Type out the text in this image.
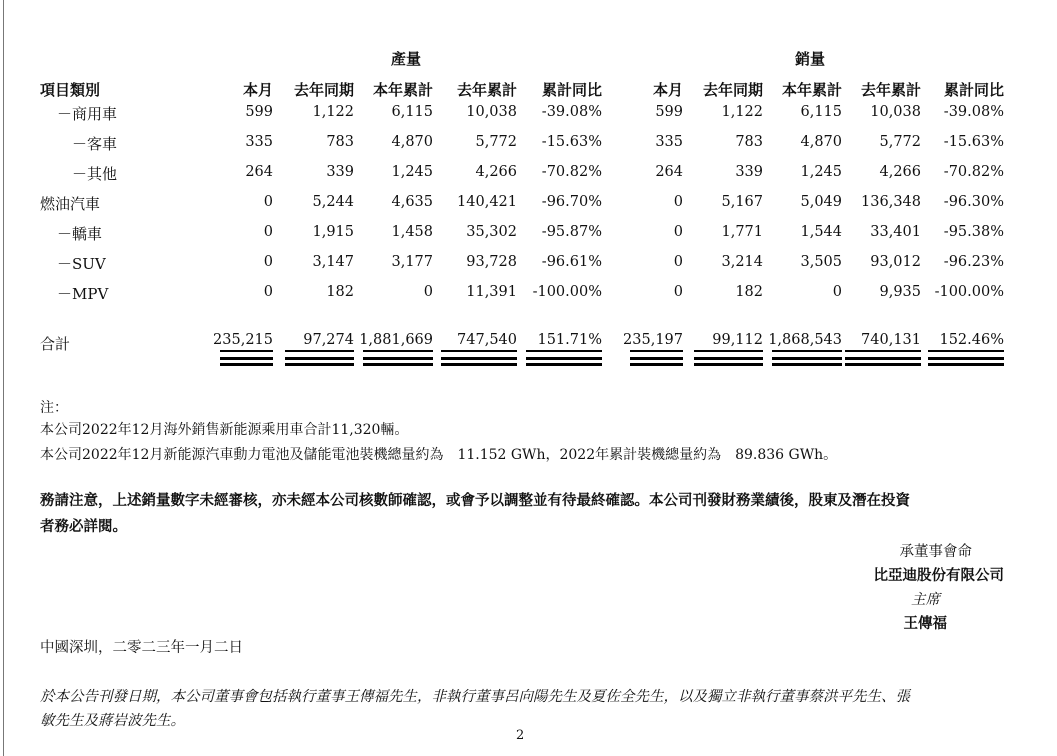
產量	銷量
項目類別	本月 去年同期 本年累計 去年累計 累計同比	本月 去年同期 本年累計 去年累計 累計同比
－商用車	599	1,122	6,115 10,038 -39.08%	599	1,122	6,115 10,038 -39.08%
－客車	335	783	4,870	5,772 -15.63%	335	783	4,870	5,772 -15.63%
－其他	264	339	1,245	4,266 -70.82%	264	339	1,245	4,266 -70.82%
燃油汽車	0	5,244	4,635 140,421 -96.70%	0	5,167	5,049 136,348 -96.30%
－轎車	0	1,915	1,458 35,302 -95.87%	0	1,771	1,544 33,401 -95.38%
－SUV	0	3,147	3,177 93,728 -96.61%	0	3,214	3,505 93,012 -96.23%
－MPV	0	182	0 11,391 -100.00%	0	182	0	9,935 -100.00%
合計	235,215 97,274 1,881,669 747,540 151.71% 235,197 99,112 1,868,543 740,131 152.46%
注：
本公司2022年12月海外銷售新能源乘用車合計11,320輛。
本公司2022年12月新能源汽車動力電池及儲能電池裝機總量約為　11.152 GWh，2022年累計裝機總量約為　89.836 GWh。
務請注意，上述銷量數字未經審核，亦未經本公司核數師確認，或會予以調整並有待最終確認。本公司刊發財務業績後，股東及潛在投資
者務必詳閱。
承董事會命
比亞迪股份有限公司
主席
王傳福
中國深圳，二零二三年一月二日
於本公告刊發日期，本公司董事會包括執行董事王傳福先生，非執行董事呂向陽先生及夏佐全先生，以及獨立非執行董事蔡洪平先生、張
敏先生及蔣岩波先生。
2
